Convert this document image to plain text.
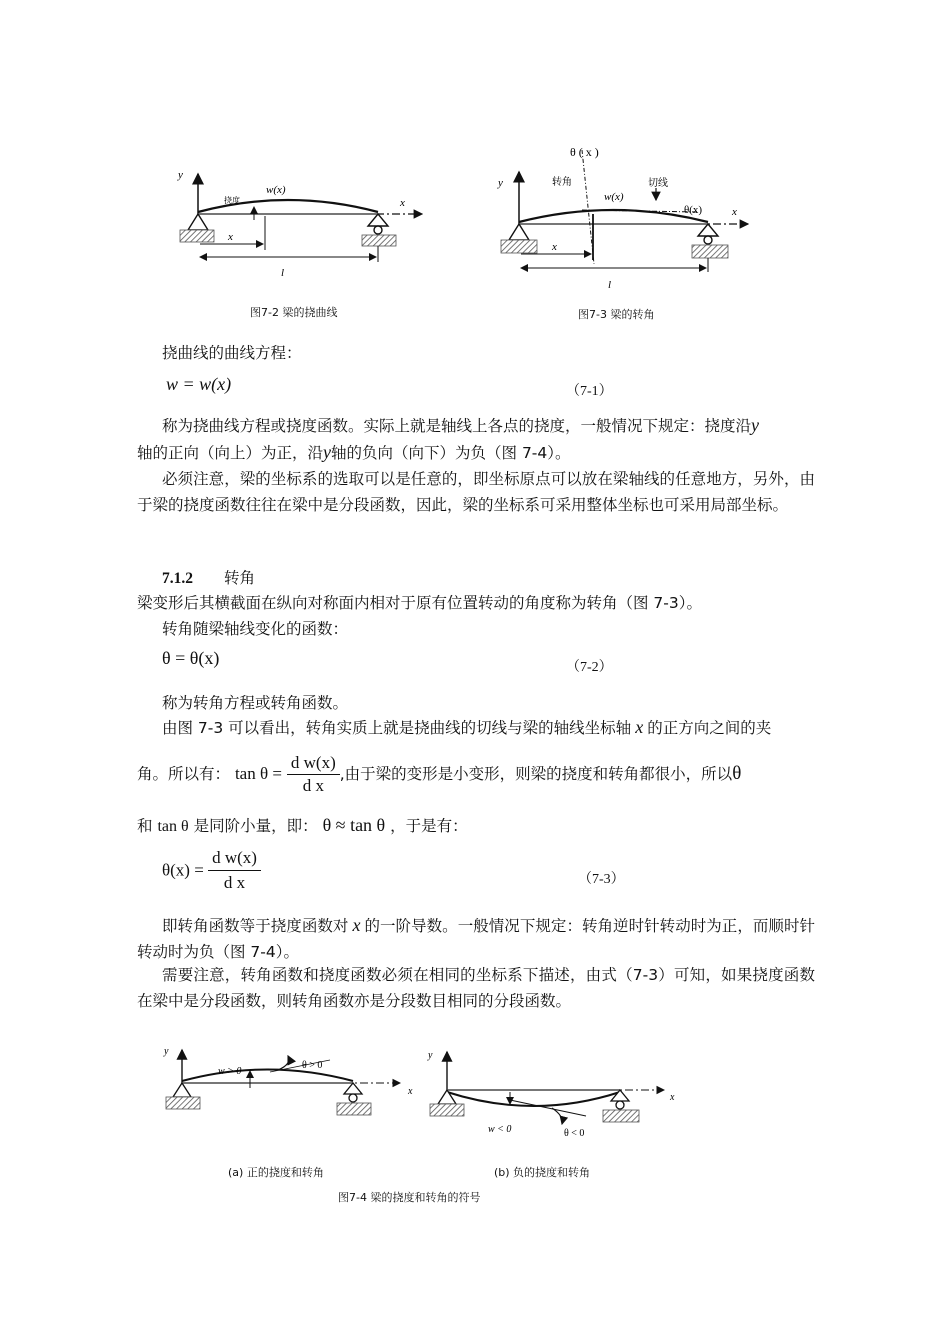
y
x
w(x)
挠度
x
l
图7-2 梁的挠曲线
θ ( x )
转角	切线
y
x
w(x)
θ(x)
x
l
图7-3 梁的转角
挠曲线的曲线方程：
w = w(x)	（7-1）
称为挠曲线方程或挠度函数。实际上就是轴线上各点的挠度，一般情况下规定：挠度沿y
轴的正向（向上）为正，沿y轴的负向（向下）为负（图 7-4）。
必须注意，梁的坐标系的选取可以是任意的，即坐标原点可以放在梁轴线的任意地方，另外，由于梁的挠度函数往往在梁中是分段函数，因此，梁的坐标系可采用整体坐标也可采用局部坐标。
7.1.2 转角
梁变形后其横截面在纵向对称面内相对于原有位置转动的角度称为转角（图 7-3）。
转角随梁轴线变化的函数：
θ = θ(x)	（7-2）
称为转角方程或转角函数。
由图 7-3 可以看出，转角实质上就是挠曲线的切线与梁的轴线坐标轴 x 的正方向之间的夹
角。所以有： $\tan \theta = \frac{\text{d w(x)}}{\text{d x}}$ ,由于梁的变形是小变形，则梁的挠度和转角都很小，所以θ
和 tan θ 是同阶小量，即： θ ≈ tan θ ，于是有：
$\theta(x) = \frac{\text{d w(x)}}{\text{d x}}$	（7-3）
即转角函数等于挠度函数对 x 的一阶导数。一般情况下规定：转角逆时针转动时为正，而顺时针转动时为负（图 7-4）。
需要注意，转角函数和挠度函数必须在相同的坐标系下描述，由式（7-3）可知，如果挠度函数在梁中是分段函数，则转角函数亦是分段数目相同的分段函数。
y
x
w > 0
θ > 0
y
x
w < 0	θ < 0
(a) 正的挠度和转角	(b) 负的挠度和转角
图7-4 梁的挠度和转角的符号
